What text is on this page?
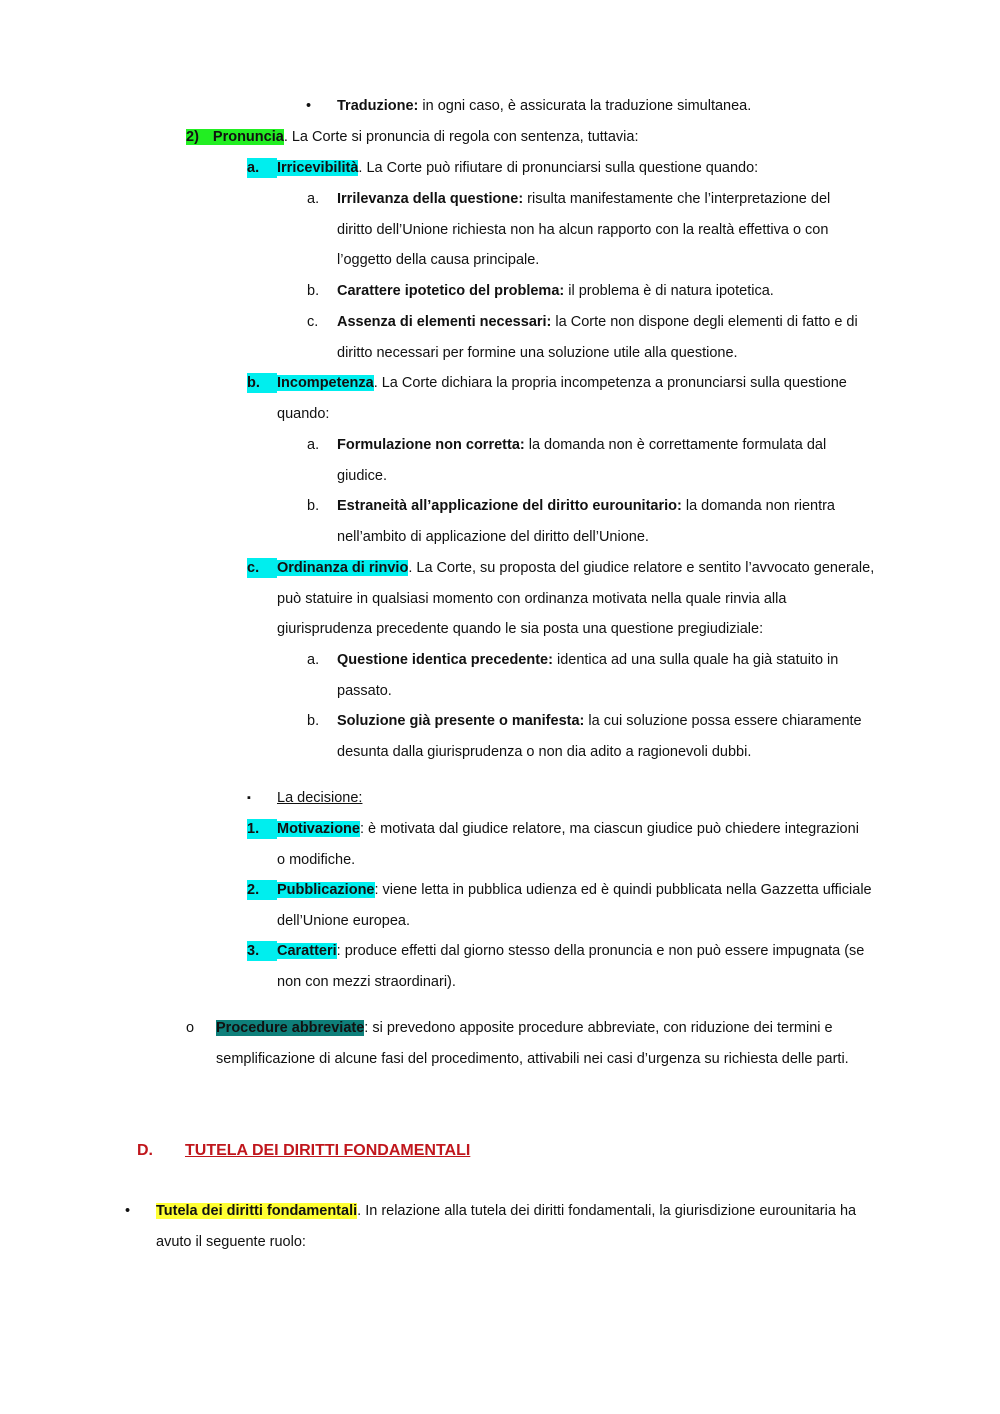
• Traduzione: in ogni caso, è assicurata la traduzione simultanea.
2) Pronuncia. La Corte si pronuncia di regola con sentenza, tuttavia:
a.	Irricevibilità. La Corte può rifiutare di pronunciarsi sulla questione quando:
a. Irrilevanza della questione: risulta manifestamente che l’interpretazione del
diritto dell’Unione richiesta non ha alcun rapporto con la realtà effettiva o con
l’oggetto della causa principale.
b. Carattere ipotetico del problema: il problema è di natura ipotetica.
c. Assenza di elementi necessari: la Corte non dispone degli elementi di fatto e di
diritto necessari per formine una soluzione utile alla questione.
b.	Incompetenza. La Corte dichiara la propria incompetenza a pronunciarsi sulla questione
quando:
a. Formulazione non corretta: la domanda non è correttamente formulata dal
giudice.
b. Estraneità all’applicazione del diritto eurounitario: la domanda non rientra
nell’ambito di applicazione del diritto dell’Unione.
c.	Ordinanza di rinvio. La Corte, su proposta del giudice relatore e sentito l’avvocato generale,
può statuire in qualsiasi momento con ordinanza motivata nella quale rinvia alla
giurisprudenza precedente quando le sia posta una questione pregiudiziale:
a. Questione identica precedente: identica ad una sulla quale ha già statuito in
passato.
b. Soluzione già presente o manifesta: la cui soluzione possa essere chiaramente
desunta dalla giurisprudenza o non dia adito a ragionevoli dubbi.
▪ La decisione:
1.	Motivazione: è motivata dal giudice relatore, ma ciascun giudice può chiedere integrazioni
o modifiche.
2.	Pubblicazione: viene letta in pubblica udienza ed è quindi pubblicata nella Gazzetta ufficiale
dell’Unione europea.
3.	Caratteri: produce effetti dal giorno stesso della pronuncia e non può essere impugnata (se
non con mezzi straordinari).
o Procedure abbreviate: si prevedono apposite procedure abbreviate, con riduzione dei termini e
semplificazione di alcune fasi del procedimento, attivabili nei casi d’urgenza su richiesta delle parti.
D. TUTELA DEI DIRITTI FONDAMENTALI
• Tutela dei diritti fondamentali. In relazione alla tutela dei diritti fondamentali, la giurisdizione eurounitaria ha
avuto il seguente ruolo:
